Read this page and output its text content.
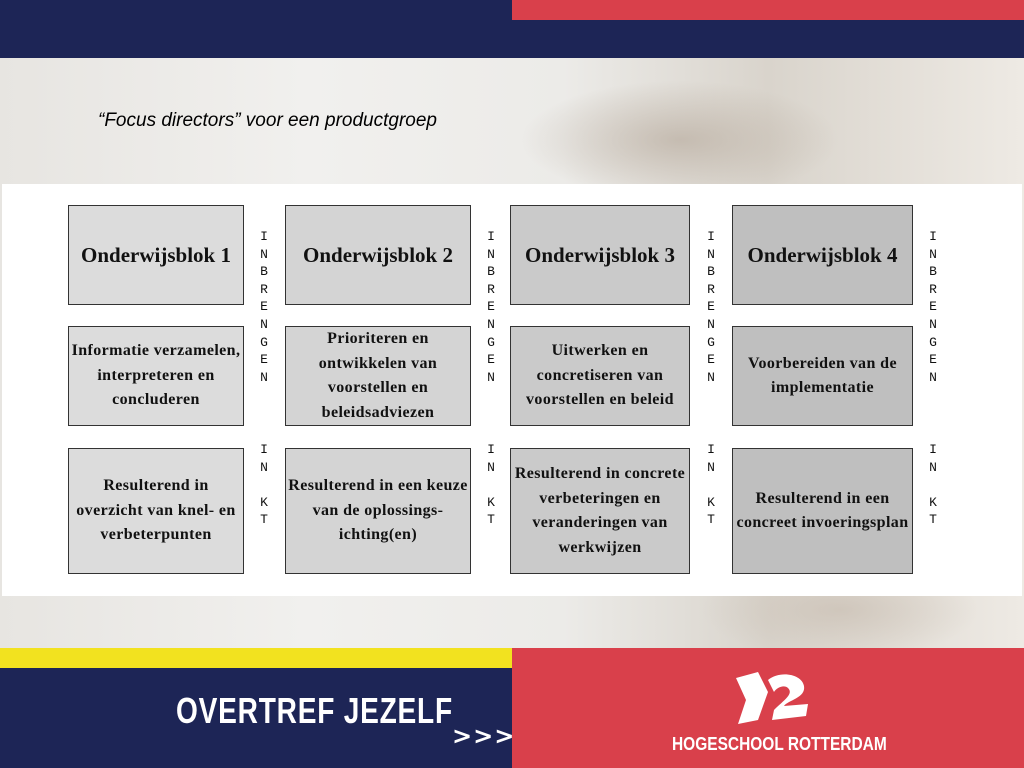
“Focus directors” voor een productgroep
Onderwijsblok 1
Informatie verzamelen, interpreteren en concluderen
Resulterend in overzicht van knel- en verbeterpunten
Onderwijsblok 2
Prioriteren en ontwikkelen van voorstellen en beleidsadviezen
Resulterend in een keuze van de oplossings-ichting(en)
Onderwijsblok 3
Uitwerken en concretiseren van voorstellen en beleid
Resulterend in concrete verbeteringen en veranderingen van werkwijzen
Onderwijsblok 4
Voorbereiden van de implementatie
Resulterend in een concreet invoeringsplan
I
N
B
R
E
N
G
E
N
I
N
K
T
I
N
B
R
E
N
G
E
N
I
N
K
T
I
N
B
R
E
N
G
E
N
I
N
K
T
I
N
B
R
E
N
G
E
N
I
N
K
T
OVERTREF JEZELF
>>>	HOGESCHOOL ROTTERDAM
